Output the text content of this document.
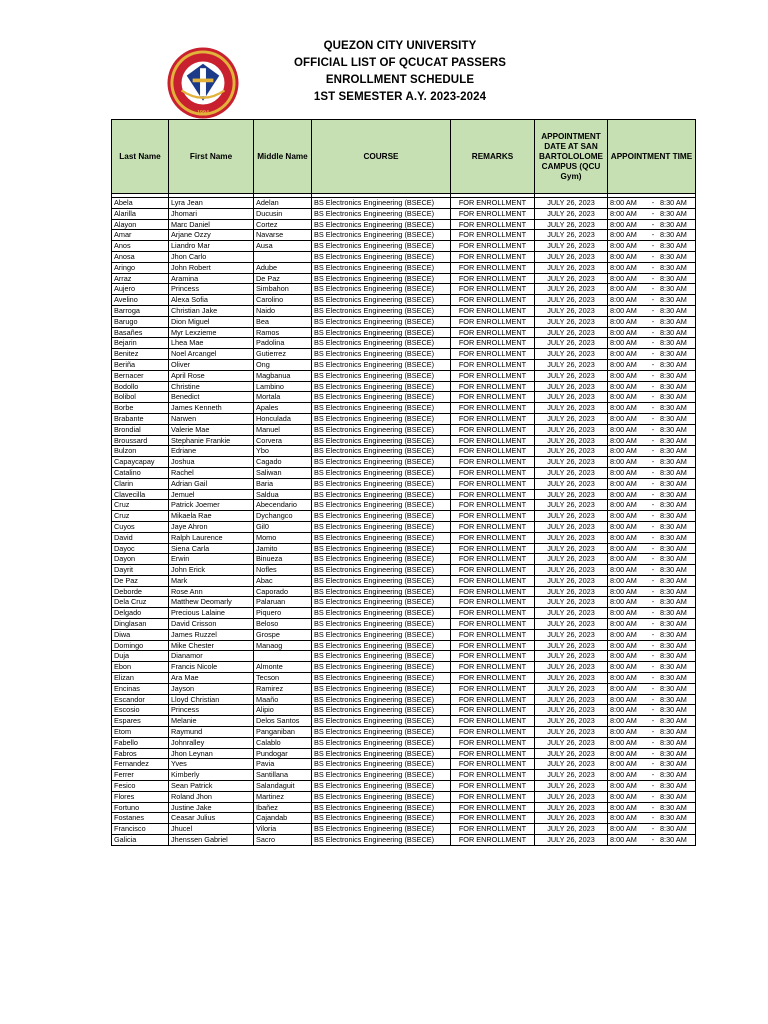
1994
QUEZON CITY UNIVERSITY
OFFICIAL LIST OF QCUCAT PASSERS
ENROLLMENT SCHEDULE
1ST SEMESTER A.Y. 2023-2024
Last Name	First Name	Middle Name	COURSE	REMARKS	APPOINTMENT DATE AT SAN BARTOLOLOME CAMPUS (QCU Gym)	APPOINTMENT TIME

Abela	Lyra Jean	Adelan	BS Electronics Engineering (BSECE)	FOR ENROLLMENT	JULY 26, 2023	8:00 AM - 8:30 AM
Alarilla	Jhomari	Ducusin	BS Electronics Engineering (BSECE)	FOR ENROLLMENT	JULY 26, 2023	8:00 AM - 8:30 AM
Alayon	Marc Daniel	Cortez	BS Electronics Engineering (BSECE)	FOR ENROLLMENT	JULY 26, 2023	8:00 AM - 8:30 AM
Amar	Arjane Ozzy	Navarse	BS Electronics Engineering (BSECE)	FOR ENROLLMENT	JULY 26, 2023	8:00 AM - 8:30 AM
Anos	Liandro Mar	Ausa	BS Electronics Engineering (BSECE)	FOR ENROLLMENT	JULY 26, 2023	8:00 AM - 8:30 AM
Anosa	Jhon Carlo		BS Electronics Engineering (BSECE)	FOR ENROLLMENT	JULY 26, 2023	8:00 AM - 8:30 AM
Aringo	John Robert	Adube	BS Electronics Engineering (BSECE)	FOR ENROLLMENT	JULY 26, 2023	8:00 AM - 8:30 AM
Arraz	Aramina	De Paz	BS Electronics Engineering (BSECE)	FOR ENROLLMENT	JULY 26, 2023	8:00 AM - 8:30 AM
Aujero	Princess	Simbahon	BS Electronics Engineering (BSECE)	FOR ENROLLMENT	JULY 26, 2023	8:00 AM - 8:30 AM
Avelino	Alexa Sofia	Carolino	BS Electronics Engineering (BSECE)	FOR ENROLLMENT	JULY 26, 2023	8:00 AM - 8:30 AM
Barroga	Christian Jake	Naido	BS Electronics Engineering (BSECE)	FOR ENROLLMENT	JULY 26, 2023	8:00 AM - 8:30 AM
Barugo	Dion Miguel	Bea	BS Electronics Engineering (BSECE)	FOR ENROLLMENT	JULY 26, 2023	8:00 AM - 8:30 AM
Basañes	Myr Lexzieme	Ramos	BS Electronics Engineering (BSECE)	FOR ENROLLMENT	JULY 26, 2023	8:00 AM - 8:30 AM
Bejarin	Lhea Mae	Padolina	BS Electronics Engineering (BSECE)	FOR ENROLLMENT	JULY 26, 2023	8:00 AM - 8:30 AM
Benitez	Noel Arcangel	Gutierrez	BS Electronics Engineering (BSECE)	FOR ENROLLMENT	JULY 26, 2023	8:00 AM - 8:30 AM
Beriña	Oliver	Ong	BS Electronics Engineering (BSECE)	FOR ENROLLMENT	JULY 26, 2023	8:00 AM - 8:30 AM
Bernacer	April Rose	Magbanua	BS Electronics Engineering (BSECE)	FOR ENROLLMENT	JULY 26, 2023	8:00 AM - 8:30 AM
Bodollo	Christine	Lambino	BS Electronics Engineering (BSECE)	FOR ENROLLMENT	JULY 26, 2023	8:00 AM - 8:30 AM
Bolibol	Benedict	Mortala	BS Electronics Engineering (BSECE)	FOR ENROLLMENT	JULY 26, 2023	8:00 AM - 8:30 AM
Borbe	James Kenneth	Apales	BS Electronics Engineering (BSECE)	FOR ENROLLMENT	JULY 26, 2023	8:00 AM - 8:30 AM
Brabante	Narwen	Honculada	BS Electronics Engineering (BSECE)	FOR ENROLLMENT	JULY 26, 2023	8:00 AM - 8:30 AM
Brondial	Valerie Mae	Manuel	BS Electronics Engineering (BSECE)	FOR ENROLLMENT	JULY 26, 2023	8:00 AM - 8:30 AM
Broussard	Stephanie Frankie	Corvera	BS Electronics Engineering (BSECE)	FOR ENROLLMENT	JULY 26, 2023	8:00 AM - 8:30 AM
Bulzon	Edriane	Ybo	BS Electronics Engineering (BSECE)	FOR ENROLLMENT	JULY 26, 2023	8:00 AM - 8:30 AM
Capaycapay	Joshua	Cagado	BS Electronics Engineering (BSECE)	FOR ENROLLMENT	JULY 26, 2023	8:00 AM - 8:30 AM
Catalino	Rachel	Saliwan	BS Electronics Engineering (BSECE)	FOR ENROLLMENT	JULY 26, 2023	8:00 AM - 8:30 AM
Clarin	Adrian Gail	Baria	BS Electronics Engineering (BSECE)	FOR ENROLLMENT	JULY 26, 2023	8:00 AM - 8:30 AM
Clavecilla	Jemuel	Saldua	BS Electronics Engineering (BSECE)	FOR ENROLLMENT	JULY 26, 2023	8:00 AM - 8:30 AM
Cruz	Patrick Joemer	Abecendario	BS Electronics Engineering (BSECE)	FOR ENROLLMENT	JULY 26, 2023	8:00 AM - 8:30 AM
Cruz	Mikaela Rae	Dychangco	BS Electronics Engineering (BSECE)	FOR ENROLLMENT	JULY 26, 2023	8:00 AM - 8:30 AM
Cuyos	Jaye Ahron	Gil0	BS Electronics Engineering (BSECE)	FOR ENROLLMENT	JULY 26, 2023	8:00 AM - 8:30 AM
David	Ralph Laurence	Momo	BS Electronics Engineering (BSECE)	FOR ENROLLMENT	JULY 26, 2023	8:00 AM - 8:30 AM
Dayoc	Siena Carla	Jamito	BS Electronics Engineering (BSECE)	FOR ENROLLMENT	JULY 26, 2023	8:00 AM - 8:30 AM
Dayon	Erwin	Binueza	BS Electronics Engineering (BSECE)	FOR ENROLLMENT	JULY 26, 2023	8:00 AM - 8:30 AM
Dayrit	John Erick	Nofles	BS Electronics Engineering (BSECE)	FOR ENROLLMENT	JULY 26, 2023	8:00 AM - 8:30 AM
De Paz	Mark	Abac	BS Electronics Engineering (BSECE)	FOR ENROLLMENT	JULY 26, 2023	8:00 AM - 8:30 AM
Deborde	Rose Ann	Caporado	BS Electronics Engineering (BSECE)	FOR ENROLLMENT	JULY 26, 2023	8:00 AM - 8:30 AM
Dela Cruz	Matthew Deomarly	Palaruan	BS Electronics Engineering (BSECE)	FOR ENROLLMENT	JULY 26, 2023	8:00 AM - 8:30 AM
Delgado	Precious Lalaine	Piquero	BS Electronics Engineering (BSECE)	FOR ENROLLMENT	JULY 26, 2023	8:00 AM - 8:30 AM
Dinglasan	David Crisson	Beloso	BS Electronics Engineering (BSECE)	FOR ENROLLMENT	JULY 26, 2023	8:00 AM - 8:30 AM
Diwa	James Ruzzel	Grospe	BS Electronics Engineering (BSECE)	FOR ENROLLMENT	JULY 26, 2023	8:00 AM - 8:30 AM
Domingo	Mike Chester	Manaog	BS Electronics Engineering (BSECE)	FOR ENROLLMENT	JULY 26, 2023	8:00 AM - 8:30 AM
Duja	Dianamor		BS Electronics Engineering (BSECE)	FOR ENROLLMENT	JULY 26, 2023	8:00 AM - 8:30 AM
Ebon	Francis Nicole	Almonte	BS Electronics Engineering (BSECE)	FOR ENROLLMENT	JULY 26, 2023	8:00 AM - 8:30 AM
Elizan	Ara Mae	Tecson	BS Electronics Engineering (BSECE)	FOR ENROLLMENT	JULY 26, 2023	8:00 AM - 8:30 AM
Encinas	Jayson	Ramirez	BS Electronics Engineering (BSECE)	FOR ENROLLMENT	JULY 26, 2023	8:00 AM - 8:30 AM
Escandor	Lloyd Christian	Maaño	BS Electronics Engineering (BSECE)	FOR ENROLLMENT	JULY 26, 2023	8:00 AM - 8:30 AM
Escosio	Princess	Alipio	BS Electronics Engineering (BSECE)	FOR ENROLLMENT	JULY 26, 2023	8:00 AM - 8:30 AM
Espares	Melanie	Delos Santos	BS Electronics Engineering (BSECE)	FOR ENROLLMENT	JULY 26, 2023	8:00 AM - 8:30 AM
Etom	Raymund	Panganiban	BS Electronics Engineering (BSECE)	FOR ENROLLMENT	JULY 26, 2023	8:00 AM - 8:30 AM
Fabello	Johnralley	Calablo	BS Electronics Engineering (BSECE)	FOR ENROLLMENT	JULY 26, 2023	8:00 AM - 8:30 AM
Fabros	Jhon Leynan	Pundogar	BS Electronics Engineering (BSECE)	FOR ENROLLMENT	JULY 26, 2023	8:00 AM - 8:30 AM
Fernandez	Yves	Pavia	BS Electronics Engineering (BSECE)	FOR ENROLLMENT	JULY 26, 2023	8:00 AM - 8:30 AM
Ferrer	Kimberly	Santillana	BS Electronics Engineering (BSECE)	FOR ENROLLMENT	JULY 26, 2023	8:00 AM - 8:30 AM
Fesico	Sean Patrick	Salandaguit	BS Electronics Engineering (BSECE)	FOR ENROLLMENT	JULY 26, 2023	8:00 AM - 8:30 AM
Flores	Roland Jhon	Martinez	BS Electronics Engineering (BSECE)	FOR ENROLLMENT	JULY 26, 2023	8:00 AM - 8:30 AM
Fortuno	Justine Jake	Ibañez	BS Electronics Engineering (BSECE)	FOR ENROLLMENT	JULY 26, 2023	8:00 AM - 8:30 AM
Fostanes	Ceasar Julius	Cajandab	BS Electronics Engineering (BSECE)	FOR ENROLLMENT	JULY 26, 2023	8:00 AM - 8:30 AM
Francisco	Jhucel	Viloria	BS Electronics Engineering (BSECE)	FOR ENROLLMENT	JULY 26, 2023	8:00 AM - 8:30 AM
Galicia	Jhenssen Gabriel	Sacro	BS Electronics Engineering (BSECE)	FOR ENROLLMENT	JULY 26, 2023	8:00 AM - 8:30 AM
